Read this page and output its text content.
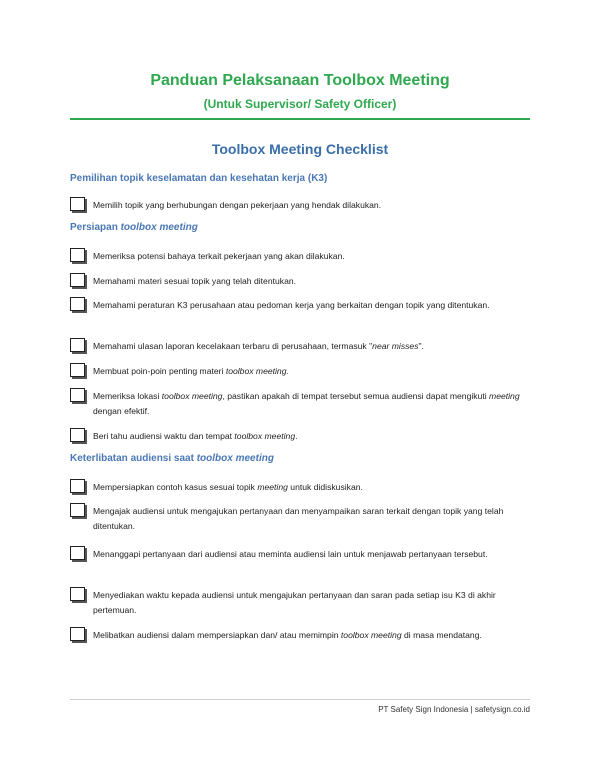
Panduan Pelaksanaan Toolbox Meeting
(Untuk Supervisor/ Safety Officer)
Toolbox Meeting Checklist
Pemilihan topik keselamatan dan kesehatan kerja (K3)
Memilih topik yang berhubungan dengan pekerjaan yang hendak dilakukan.
Persiapan toolbox meeting
Memeriksa potensi bahaya terkait pekerjaan yang akan dilakukan.
Memahami materi sesuai topik yang telah ditentukan.
Memahami peraturan K3 perusahaan atau pedoman kerja yang berkaitan dengan topik yang ditentukan.
Memahami ulasan laporan kecelakaan terbaru di perusahaan, termasuk "near misses".
Membuat poin-poin penting materi toolbox meeting.
Memeriksa lokasi toolbox meeting, pastikan apakah di tempat tersebut semua audiensi dapat mengikuti meeting dengan efektif.
Beri tahu audiensi waktu dan tempat toolbox meeting.
Keterlibatan audiensi saat toolbox meeting
Mempersiapkan contoh kasus sesuai topik meeting untuk didiskusikan.
Mengajak audiensi untuk mengajukan pertanyaan dan menyampaikan saran terkait dengan topik yang telah ditentukan.
Menanggapi pertanyaan dari audiensi atau meminta audiensi lain untuk menjawab pertanyaan tersebut.
Menyediakan waktu kepada audiensi untuk mengajukan pertanyaan dan saran pada setiap isu K3 di akhir pertemuan.
Melibatkan audiensi dalam mempersiapkan dan/ atau memimpin toolbox meeting di masa mendatang.
PT Safety Sign Indonesia | safetysign.co.id
